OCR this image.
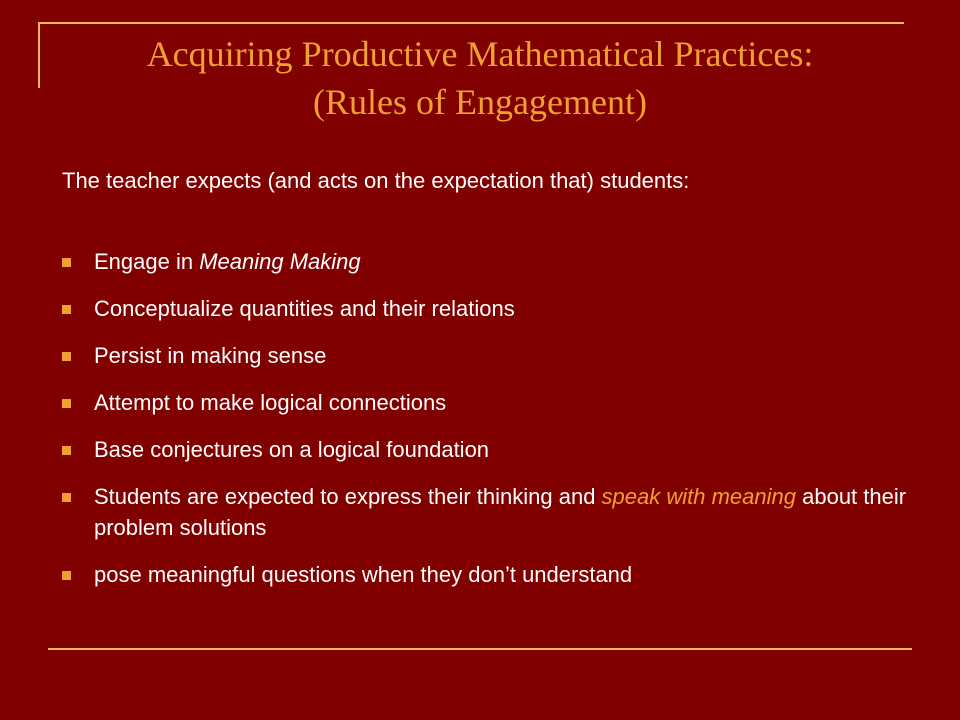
Acquiring Productive Mathematical Practices:
(Rules of Engagement)
The teacher expects (and acts on the expectation that) students:
Engage in Meaning Making
Conceptualize quantities and their relations
Persist in making sense
Attempt to make logical connections
Base conjectures on a logical foundation
Students are expected to express their thinking and speak with meaning about their problem solutions
pose meaningful questions when they don’t understand
